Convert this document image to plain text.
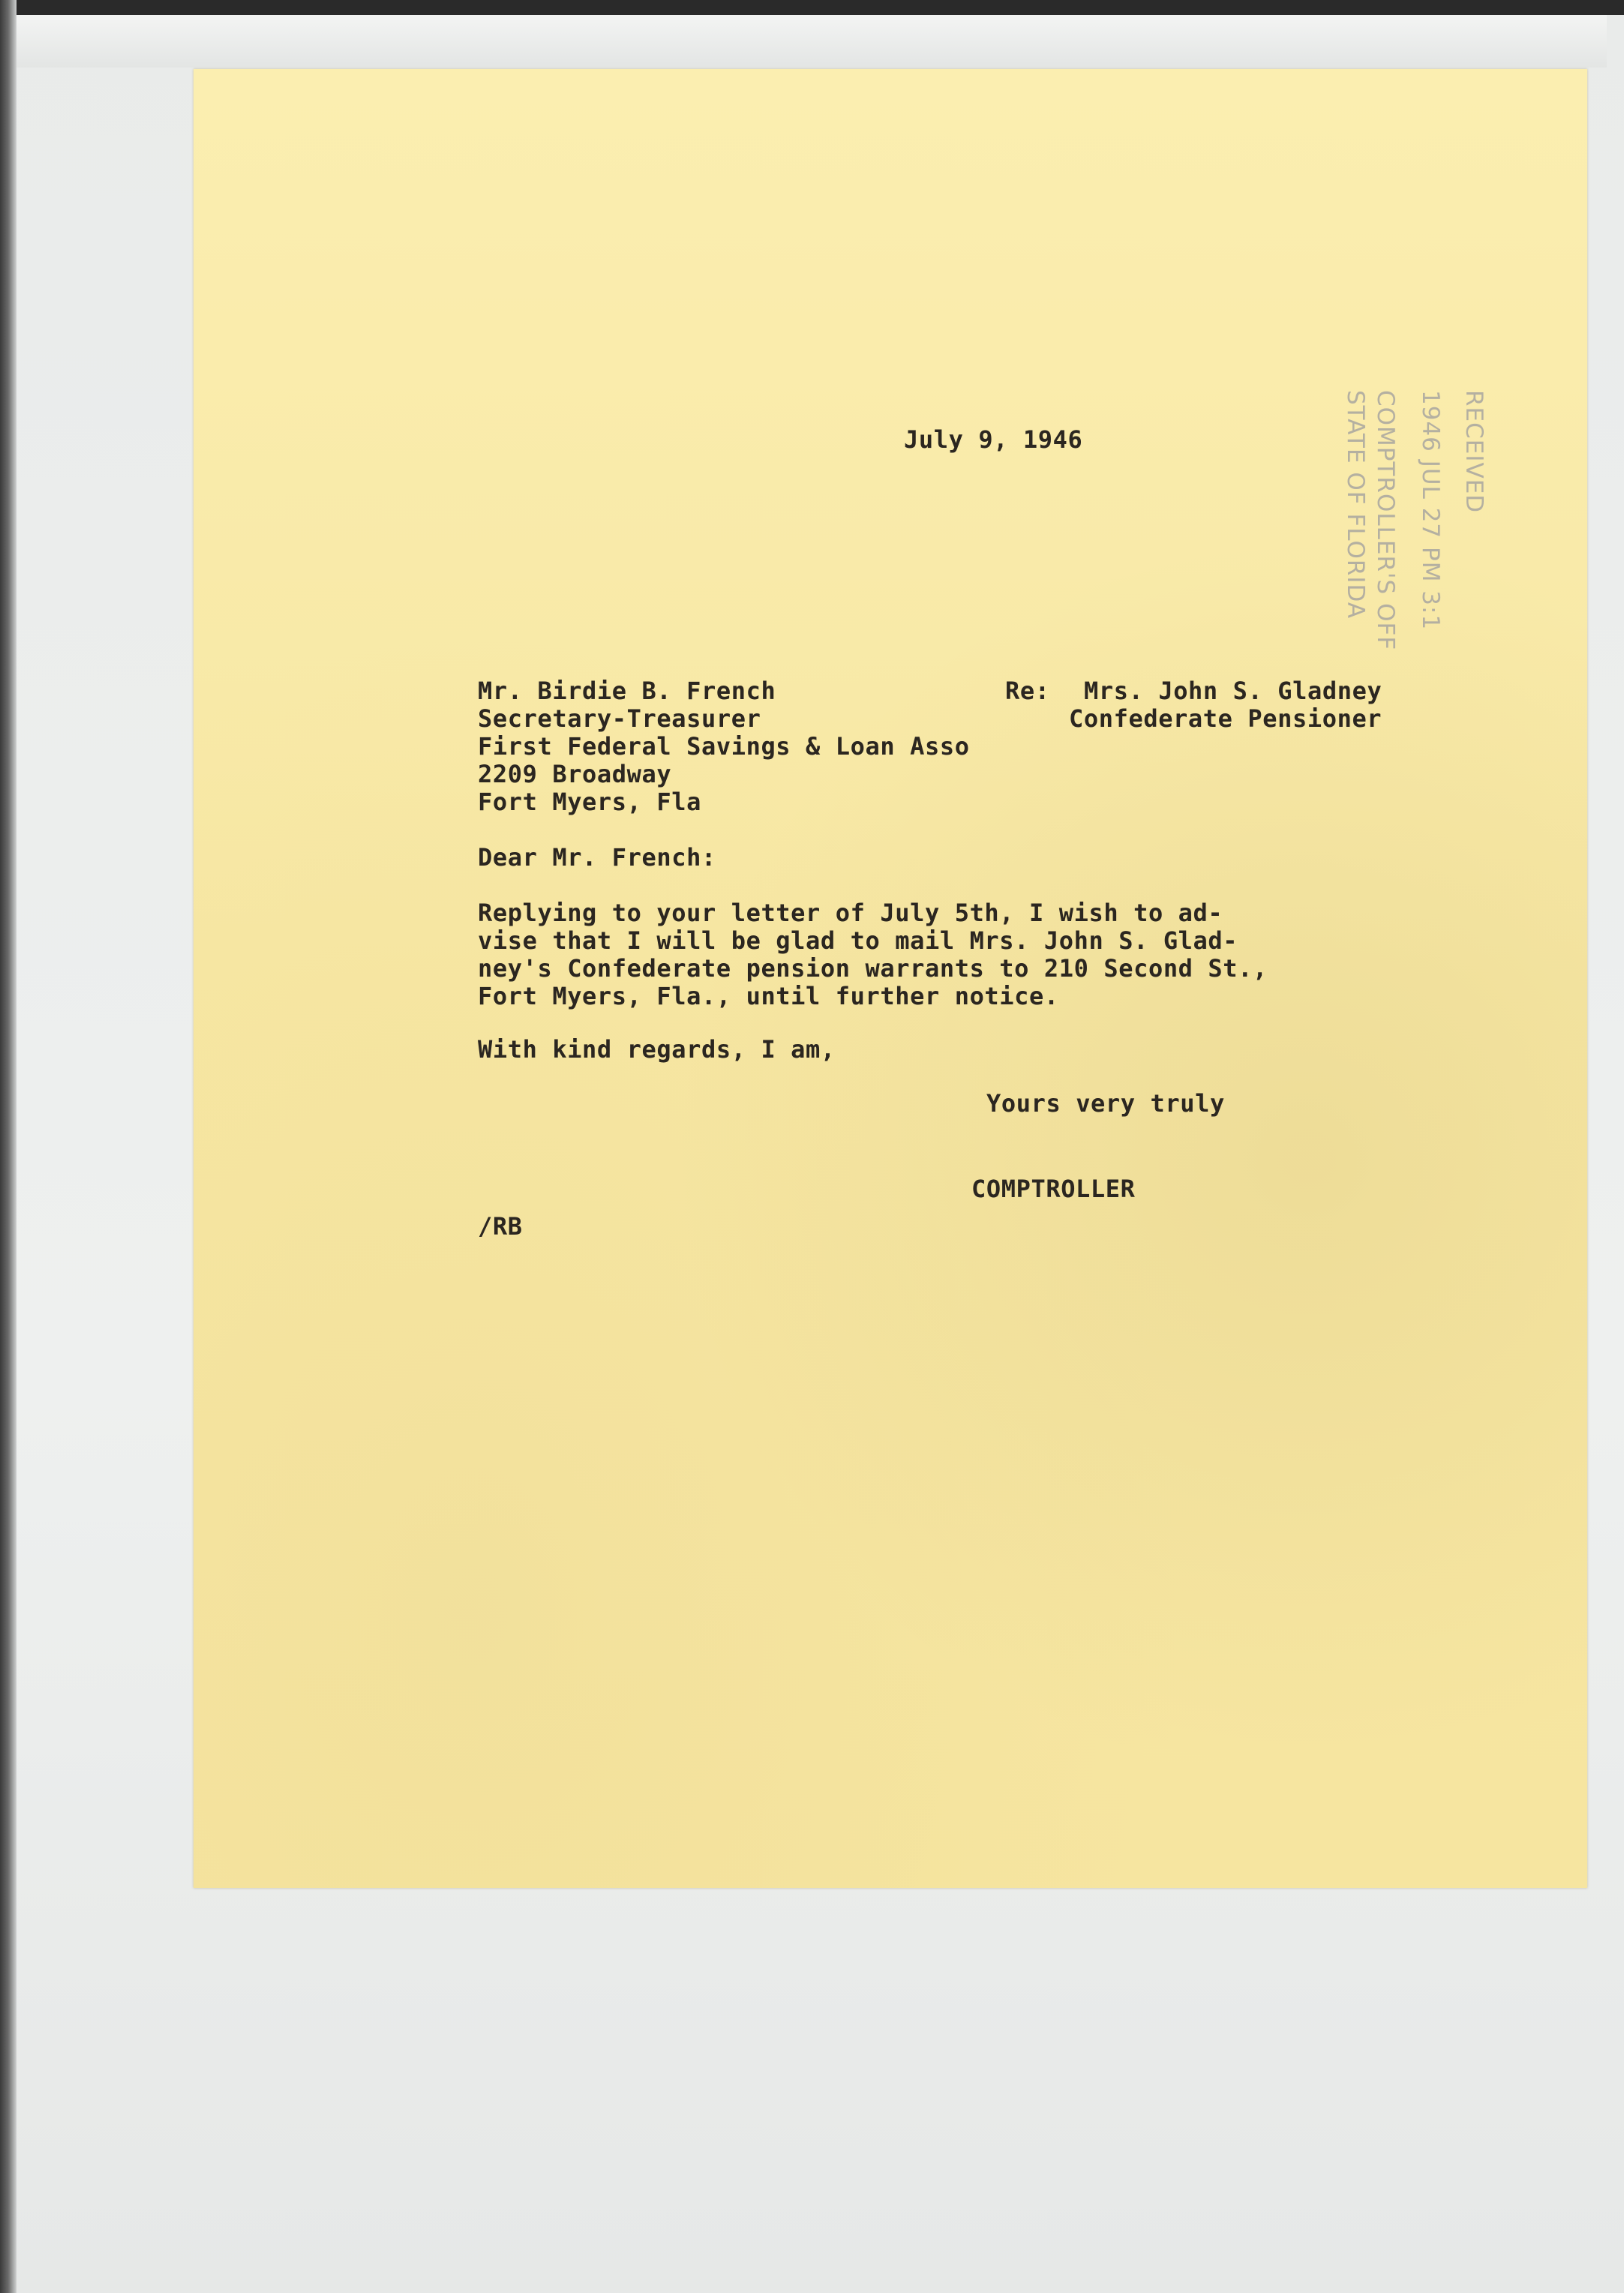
July 9, 1946	RECEIVED
1946 JUL 27 PM 3:1
COMPTROLLER'S OFF
STATE OF FLORIDA
Mr. Birdie B. French
Secretary-Treasurer
First Federal Savings & Loan Asso
2209 Broadway
Fort Myers, Fla
Re: Mrs. John S. Gladney
Confederate Pensioner
Dear Mr. French:
Replying to your letter of July 5th, I wish to ad-
vise that I will be glad to mail Mrs. John S. Glad-
ney's Confederate pension warrants to 210 Second St.,
Fort Myers, Fla., until further notice.
With kind regards, I am,
Yours very truly
COMPTROLLER
/RB
